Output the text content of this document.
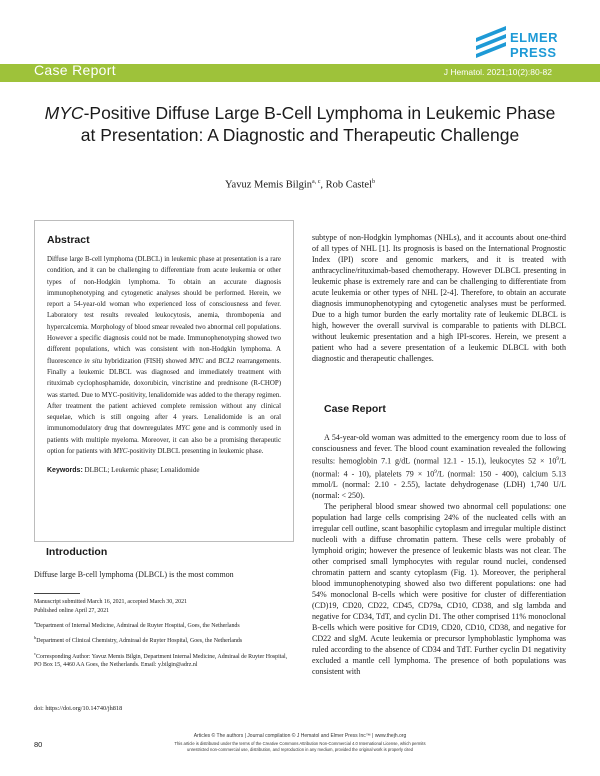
ELMER
PRESS
Case Report	J Hematol. 2021;10(2):80-82
MYC-Positive Diffuse Large B-Cell Lymphoma in Leukemic Phase at Presentation: A Diagnostic and Therapeutic Challenge
Yavuz Memis Bilgin$^{a, c}$, Rob Castel$^b$
Abstract
Diffuse large B-cell lymphoma (DLBCL) in leukemic phase at presentation is a rare condition, and it can be challenging to differentiate from acute leukemia or other types of non-Hodgkin lymphoma. To obtain an accurate diagnosis immunophenotyping and cytogenetic analyses should be performed. Herein, we report a 54-year-old woman who experienced loss of consciousness and fever. Laboratory test results revealed leukocytosis, anemia, thrombopenia and hypercalcemia. Morphology of blood smear revealed two abnormal cell populations. However a specific diagnosis could not be made. Immunophenotyping showed two different populations, which was consistent with non-Hodgkin lymphoma. A fluorescence in situ hybridization (FISH) showed MYC and BCL2 rearrangements. Finally a leukemic DLBCL was diagnosed and immediately treatment with rituximab cyclophosphamide, doxorubicin, vincristine and prednisone (R-CHOP) was started. Due to MYC-positivity, lenalidomide was added to the therapy regimen. After treatment the patient achieved complete remission without any clinical sequelae, which is still ongoing after 4 years. Lenalidomide is an oral immunomodulatory drug that downregulates MYC gene and is commonly used in patients with multiple myeloma. Moreover, it can also be a promising therapeutic option for patients with MYC-positivity DLBCL presenting in leukemic phase.
Keywords: DLBCL; Leukemic phase; Lenalidomide
Introduction
Diffuse large B-cell lymphoma (DLBCL) is the most common

Manuscript submitted March 16, 2021, accepted March 30, 2021
Published online April 27, 2021

$^a$Department of Internal Medicine, Admiraal de Ruyter Hospital, Goes, the Netherlands

$^b$Department of Clinical Chemistry, Admiraal de Ruyter Hospital, Goes, the Netherlands

$^c$Corresponding Author: Yavuz Memis Bilgin, Department Internal Medicine, Admiraal de Ruyter Hospital, PO Box 15, 4460 AA Goes, the Netherlands. Email: y.bilgin@adrz.nl

doi: https://doi.org/10.14740/jh818

subtype of non-Hodgkin lymphomas (NHLs), and it accounts about one-third of all types of NHL [1]. Its prognosis is based on the International Prognostic Index (IPI) score and genomic markers, and it is treated with anthracycline/rituximab-based chemotherapy. However DLBCL presenting in leukemic phase is extremely rare and can be challenging to differentiate from acute leukemia or other types of NHL [2-4]. Therefore, to obtain an accurate diagnosis immunophenotyping and cytogenetic analyses must be performed. Due to a high tumor burden the early mortality rate of leukemic DLBCL is high, however the overall survival is comparable to patients with DLBCL without leukemic presentation and a high IPI-scores. Herein, we present a patient who had a severe presentation of a leukemic DLBCL with both diagnostic and therapeutic challenges.

Case Report

A 54-year-old woman was admitted to the emergency room due to loss of consciousness and fever. The blood count examination revealed the following results: hemoglobin 7.1 g/dL (normal 12.1 - 15.1), leukocytes $52 \times 10^9/L$ (normal: 4 - 10), platelets $79 \times 10^9/L$ (normal: 150 - 400), calcium 5.13 mmol/L (normal: 2.10 - 2.55), lactate dehydrogenase (LDH) 1,740 U/L (normal: < 250).

The peripheral blood smear showed two abnormal cell populations: one population had large cells comprising 24% of the nucleated cells with an irregular cell outline, scant basophilic cytoplasm and irregular multiple distinct nucleoli with a diffuse chromatin pattern. These cells were probably of lymphoid origin; however the presence of leukemic blasts was not clear. The other comprised small lymphocytes with regular round nuclei, condensed chromatin pattern and scanty cytoplasm (Fig. 1). Moreover, the peripheral blood immunophenotyping showed also two different populations: one had 54% monoclonal B-cells which were positive for cluster of differentiation (CD)19, CD20, CD22, CD45, CD79a, CD10, CD38, and sIg lambda and negative for CD34, TdT, and cyclin D1. The other comprised 11% monoclonal B-cells which were positive for CD19, CD20, CD10, CD38, and negative for CD22 and sIgM. Acute leukemia or precursor lymphoblastic lymphoma was ruled according to the absence of CD34 and TdT. Further cyclin D1 negativity excluded a mantle cell lymphoma. The presence of both populations was consistent with

Articles © The authors | Journal compilation © J Hematol and Elmer Press Inc™ | www.thejh.org
This article is distributed under the terms of the Creative Commons Attribution Non-Commercial 4.0 International License, which permits
unrestricted non-commercial use, distribution, and reproduction in any medium, provided the original work is properly cited
80
